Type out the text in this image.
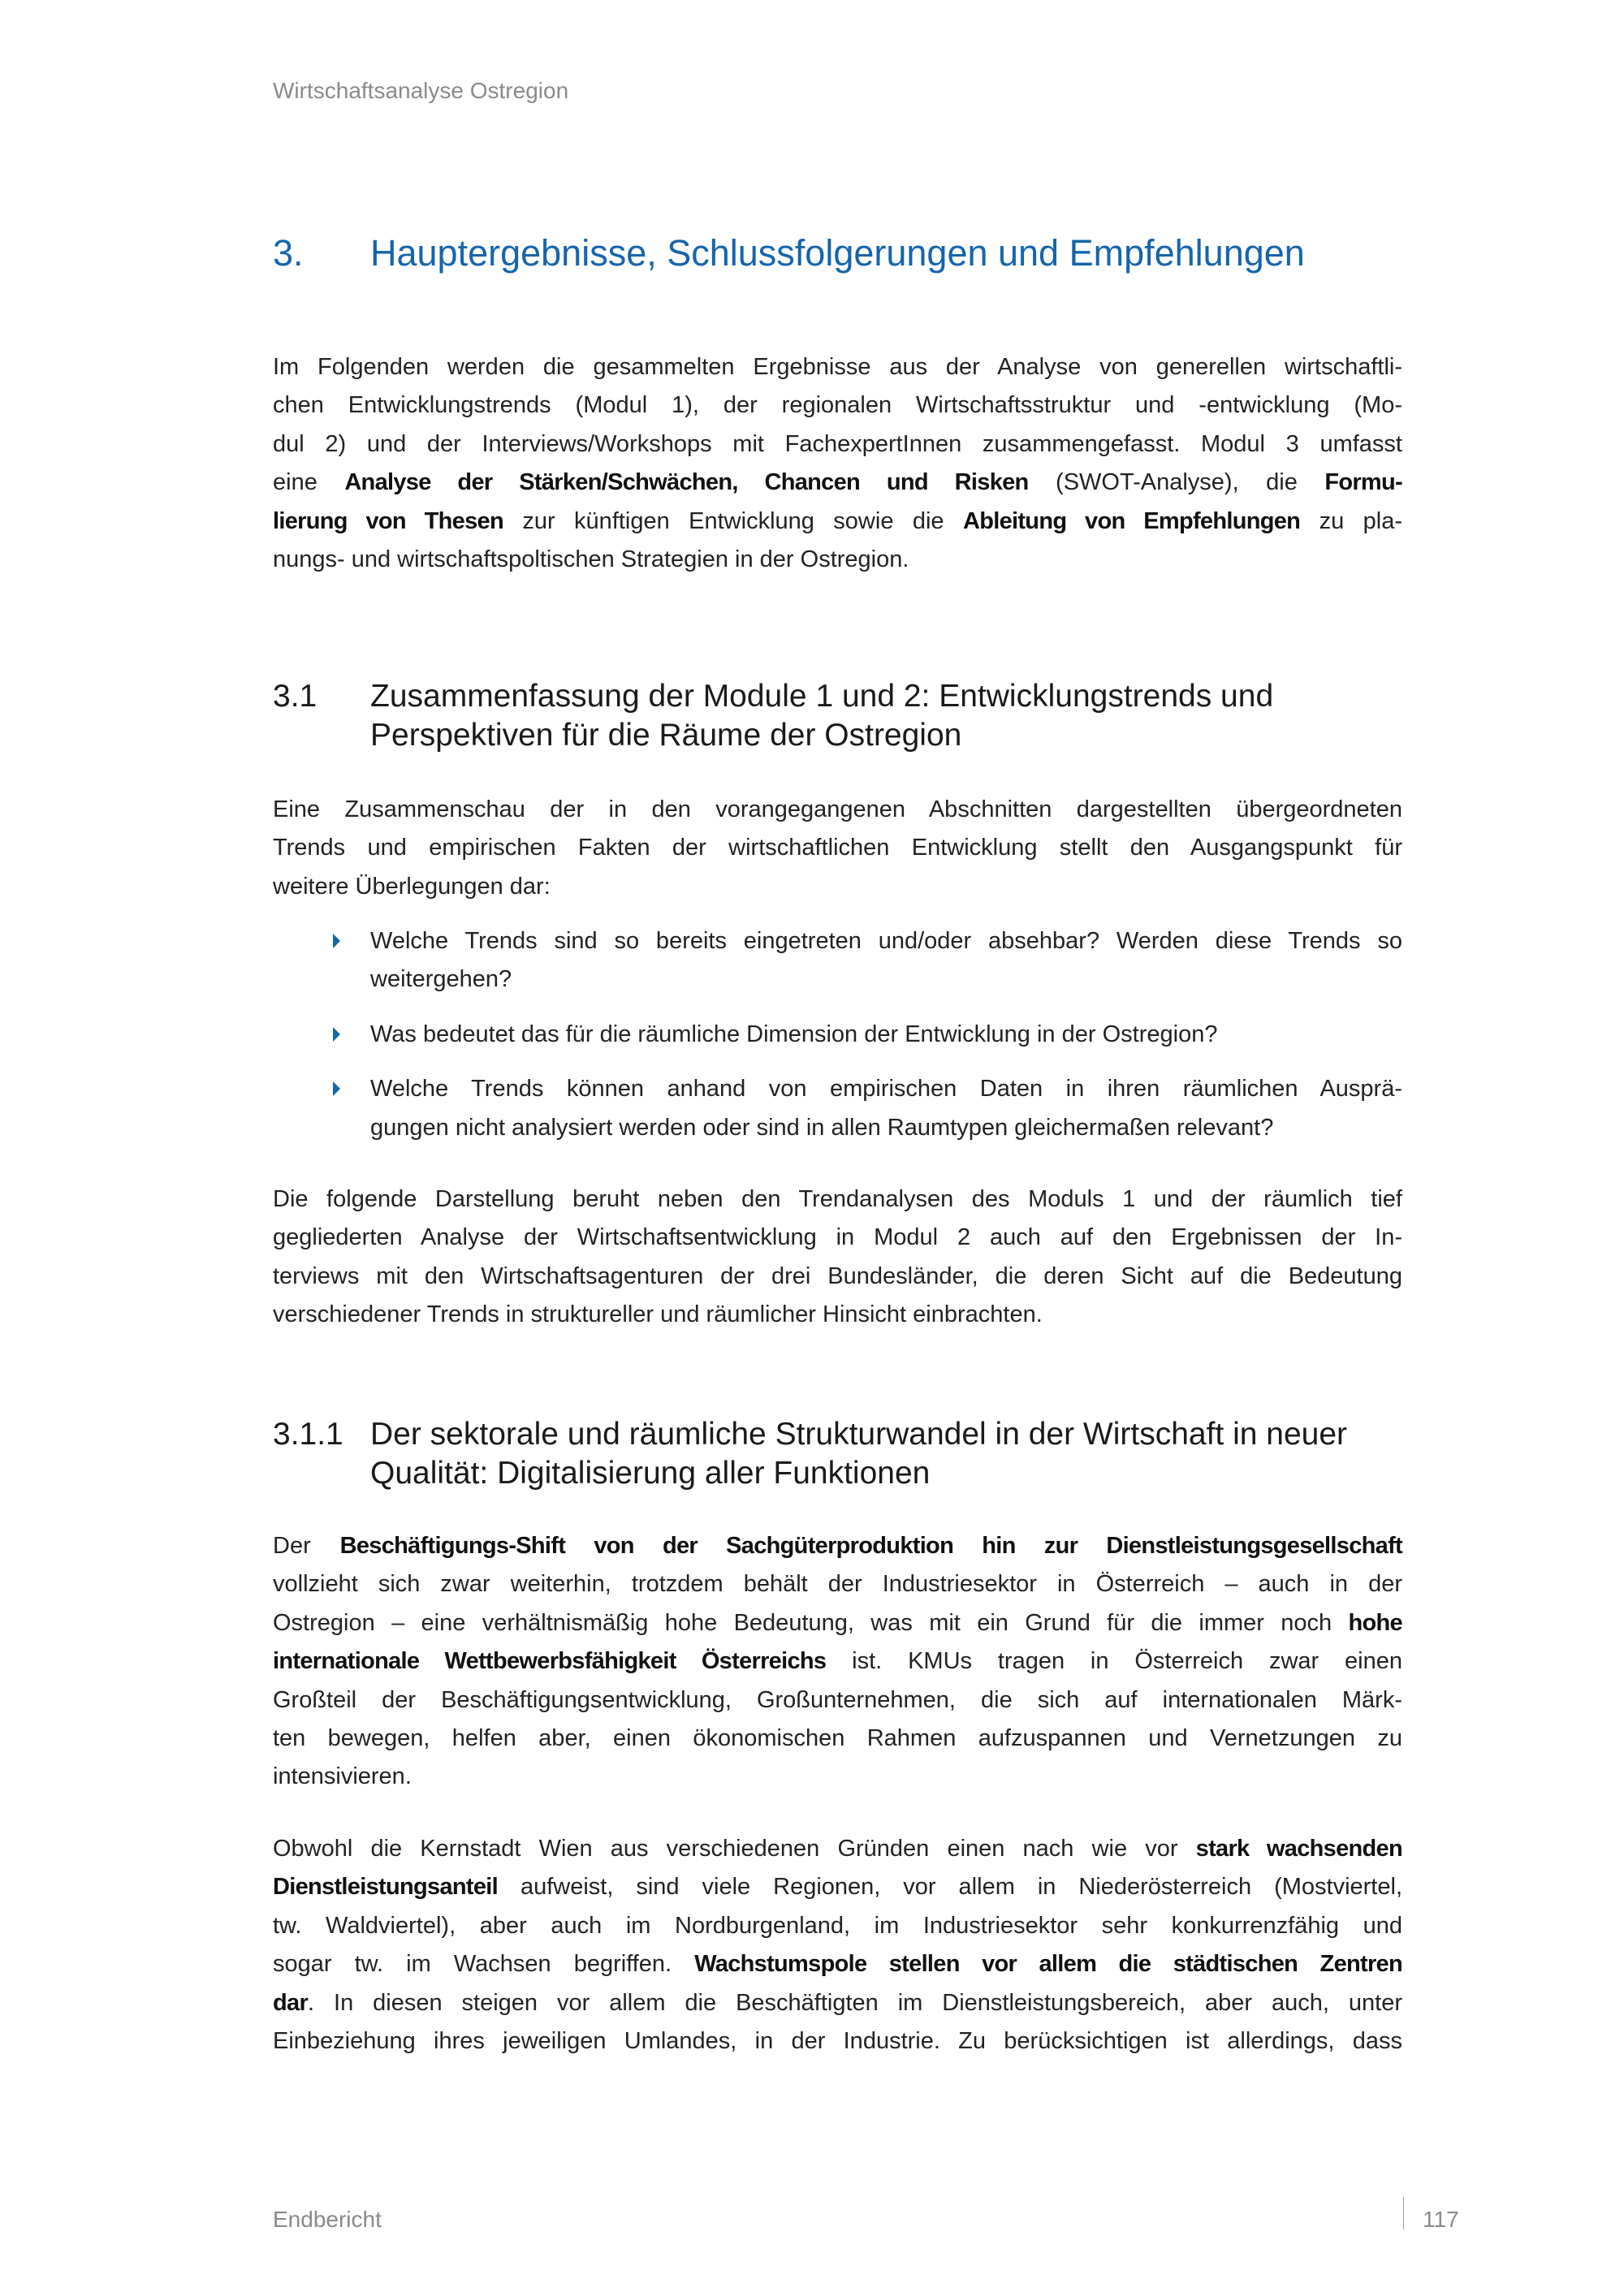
Wirtschaftsanalyse Ostregion
3. Hauptergebnisse, Schlussfolgerungen und Empfehlungen
Im Folgenden werden die gesammelten Ergebnisse aus der Analyse von generellen wirtschaftli-
chen Entwicklungstrends (Modul 1), der regionalen Wirtschaftsstruktur und -entwicklung (Mo-
dul 2) und der Interviews/Workshops mit FachexpertInnen zusammengefasst. Modul 3 umfasst
eine Analyse der Stärken/Schwächen, Chancen und Risken (SWOT-Analyse), die Formu-
lierung von Thesen zur künftigen Entwicklung sowie die Ableitung von Empfehlungen zu pla-
nungs- und wirtschaftspoltischen Strategien in der Ostregion.
3.1 Zusammenfassung der Module 1 und 2: Entwicklungstrends und
Perspektiven für die Räume der Ostregion
Eine Zusammenschau der in den vorangegangenen Abschnitten dargestellten übergeordneten
Trends und empirischen Fakten der wirtschaftlichen Entwicklung stellt den Ausgangspunkt für
weitere Überlegungen dar:
Welche Trends sind so bereits eingetreten und/oder absehbar? Werden diese Trends so
weitergehen?
Was bedeutet das für die räumliche Dimension der Entwicklung in der Ostregion?
Welche Trends können anhand von empirischen Daten in ihren räumlichen Ausprä-
gungen nicht analysiert werden oder sind in allen Raumtypen gleichermaßen relevant?
Die folgende Darstellung beruht neben den Trendanalysen des Moduls 1 und der räumlich tief
gegliederten Analyse der Wirtschaftsentwicklung in Modul 2 auch auf den Ergebnissen der In-
terviews mit den Wirtschaftsagenturen der drei Bundesländer, die deren Sicht auf die Bedeutung
verschiedener Trends in struktureller und räumlicher Hinsicht einbrachten.
3.1.1 Der sektorale und räumliche Strukturwandel in der Wirtschaft in neuer
Qualität: Digitalisierung aller Funktionen
Der Beschäftigungs-Shift von der Sachgüterproduktion hin zur Dienstleistungsgesellschaft
vollzieht sich zwar weiterhin, trotzdem behält der Industriesektor in Österreich – auch in der
Ostregion – eine verhältnismäßig hohe Bedeutung, was mit ein Grund für die immer noch hohe
internationale Wettbewerbsfähigkeit Österreichs ist. KMUs tragen in Österreich zwar einen
Großteil der Beschäftigungsentwicklung, Großunternehmen, die sich auf internationalen Märk-
ten bewegen, helfen aber, einen ökonomischen Rahmen aufzuspannen und Vernetzungen zu
intensivieren.
Obwohl die Kernstadt Wien aus verschiedenen Gründen einen nach wie vor stark wachsenden
Dienstleistungsanteil aufweist, sind viele Regionen, vor allem in Niederösterreich (Mostviertel,
tw. Waldviertel), aber auch im Nordburgenland, im Industriesektor sehr konkurrenzfähig und
sogar tw. im Wachsen begriffen. Wachstumspole stellen vor allem die städtischen Zentren
dar. In diesen steigen vor allem die Beschäftigten im Dienstleistungsbereich, aber auch, unter
Einbeziehung ihres jeweiligen Umlandes, in der Industrie. Zu berücksichtigen ist allerdings, dass
Endbericht	117
